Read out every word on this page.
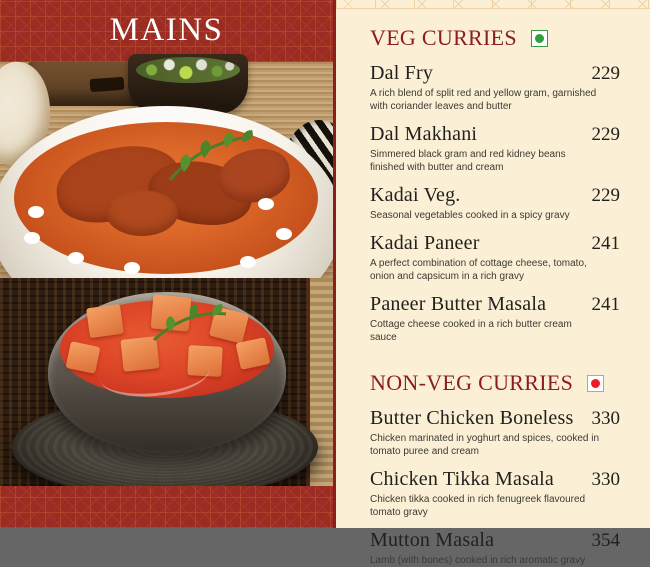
MAINS	VEG CURRIES
Dal Fry	229

A rich blend of split red and yellow gram, garnished with coriander leaves and butter

Dal Makhani	229

Simmered black gram and red kidney beans finished with butter and cream

Kadai Veg.	229

Seasonal vegetables cooked in a spicy gravy

Kadai Paneer	241

A perfect combination of cottage cheese, tomato, onion and capsicum in a rich gravy

Paneer Butter Masala 241

Cottage cheese cooked in a rich butter cream sauce

NON-VEG CURRIES
Butter Chicken Boneless 330

Chicken marinated in yoghurt and spices, cooked in tomato puree and cream

Chicken Tikka Masala 330

Chicken tikka cooked in rich fenugreek flavoured tomato gravy

Mutton Masala	354

Lamb (with bones) cooked in rich aromatic gravy
